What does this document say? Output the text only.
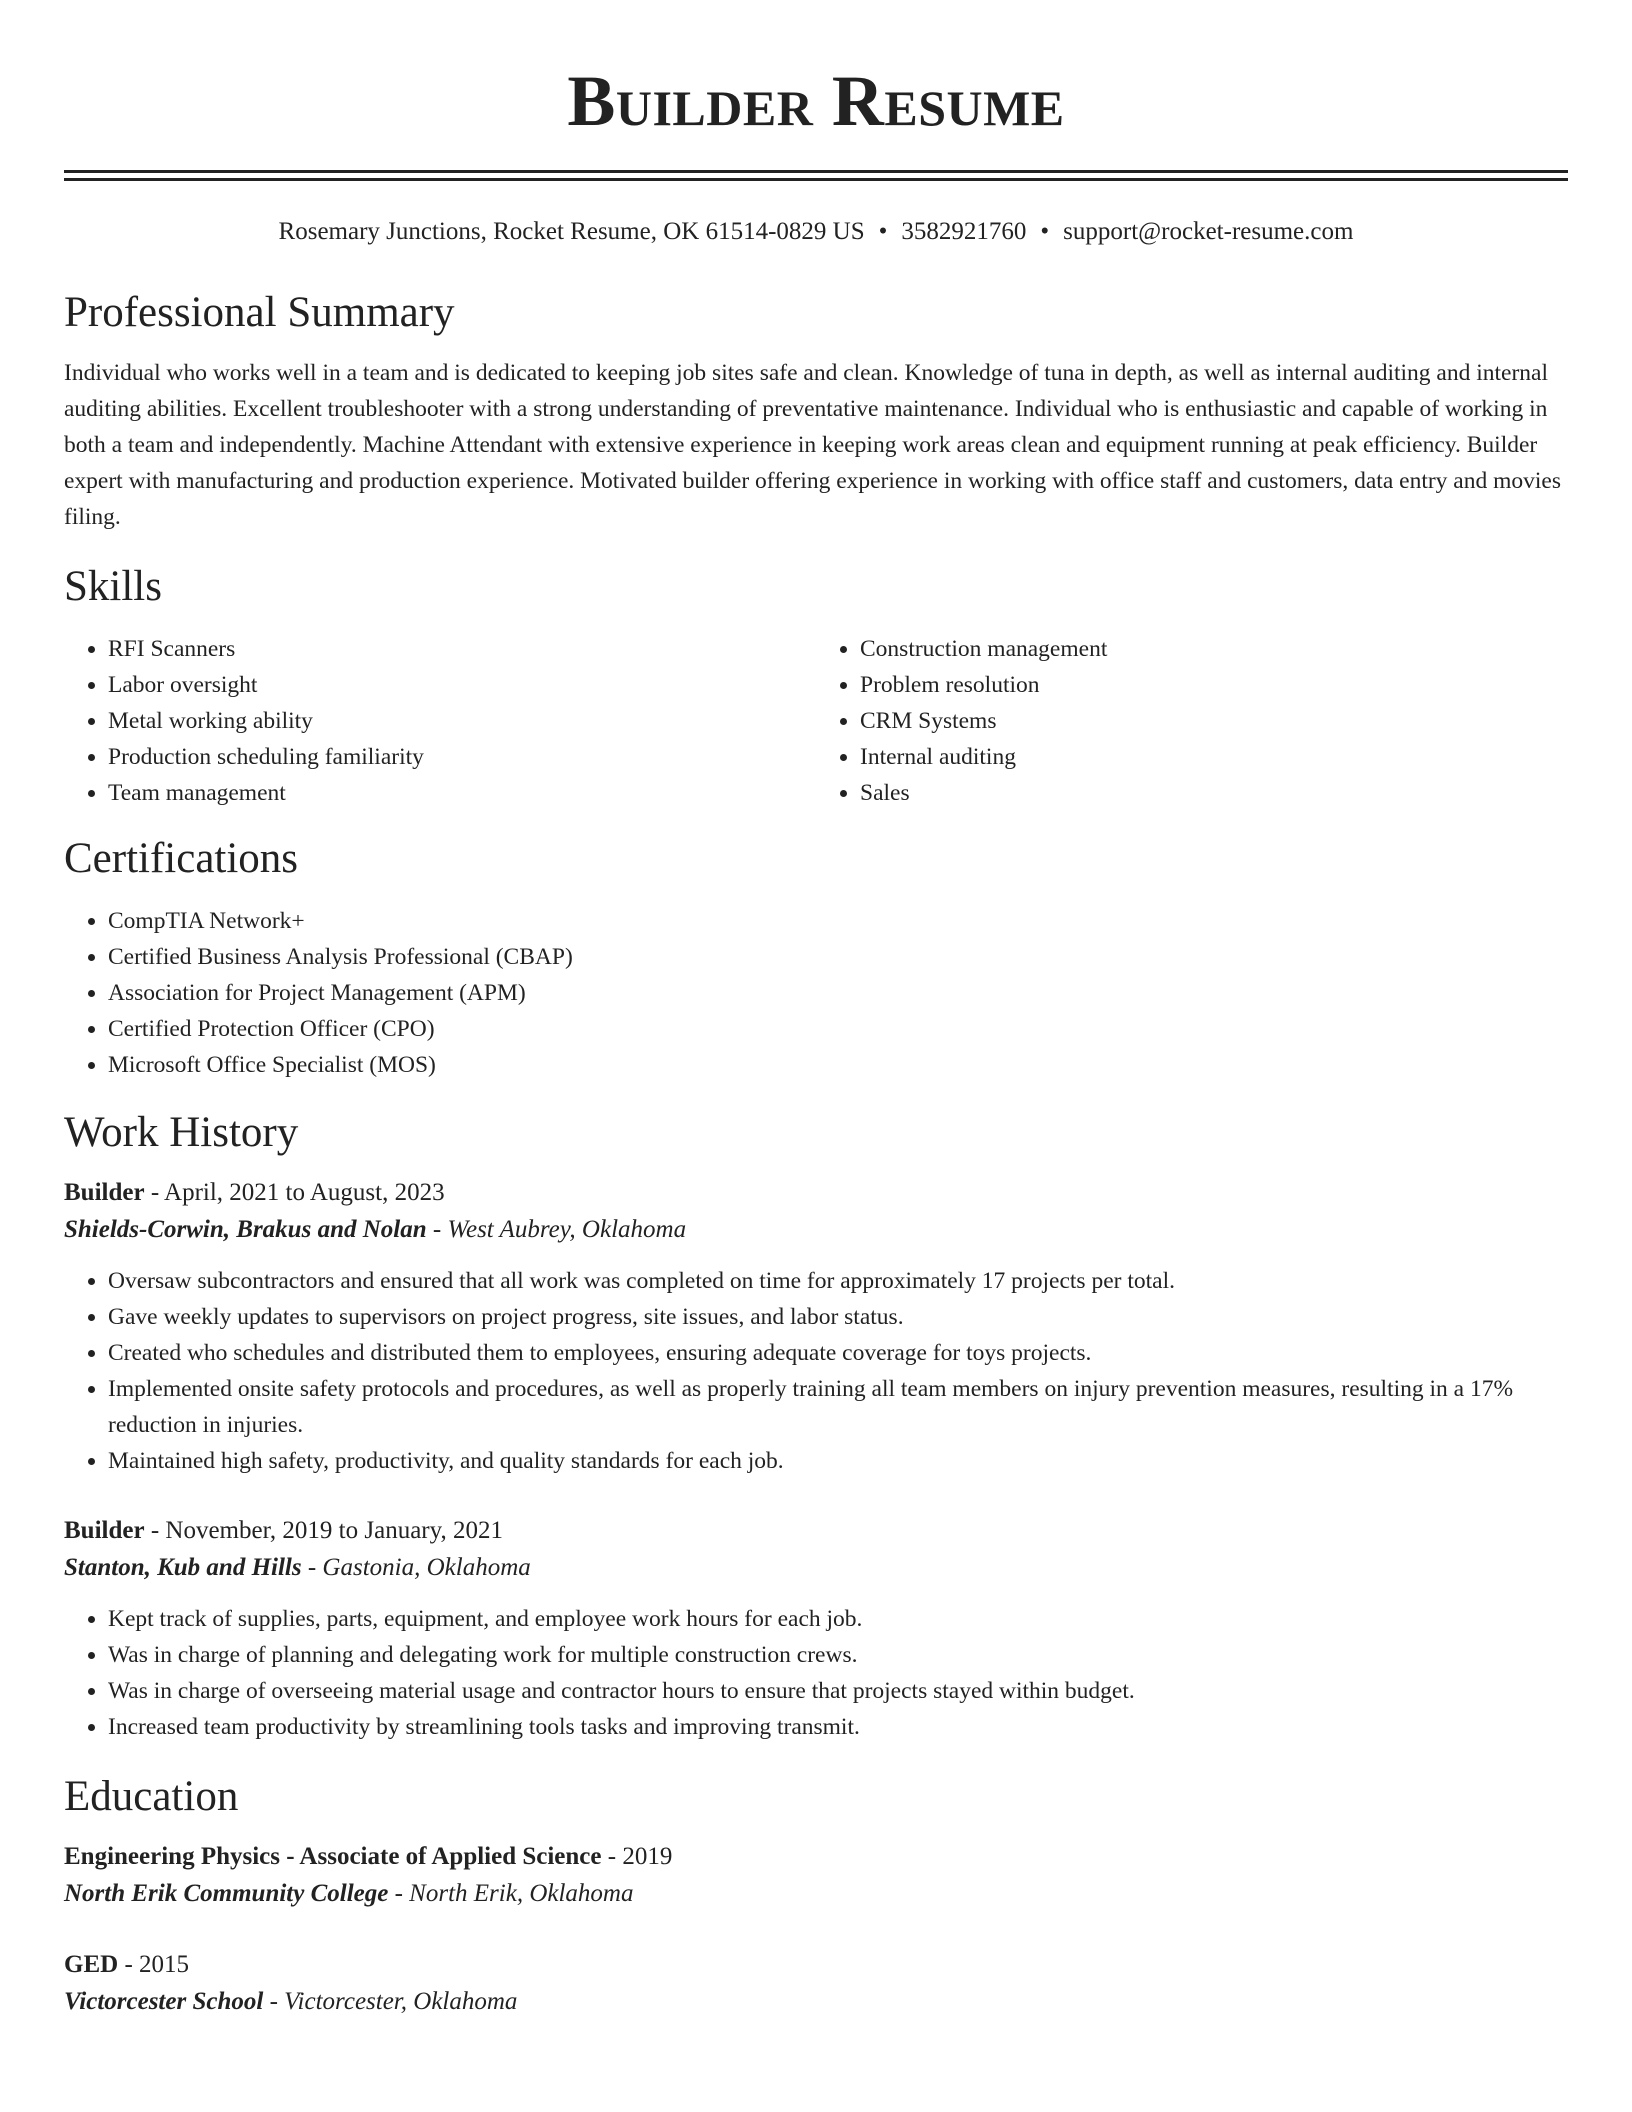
Builder Resume
Rosemary Junctions, Rocket Resume, OK 61514-0829 US • 3582921760 • support@rocket-resume.com
Professional Summary

Individual who works well in a team and is dedicated to keeping job sites safe and clean. Knowledge of tuna in depth, as well as internal auditing and internal auditing abilities. Excellent troubleshooter with a strong understanding of preventative maintenance. Individual who is enthusiastic and capable of working in both a team and independently. Machine Attendant with extensive experience in keeping work areas clean and equipment running at peak efficiency. Builder expert with manufacturing and production experience. Motivated builder offering experience in working with office staff and customers, data entry and movies filing.

Skills
• RFI Scanners
• Labor oversight
• Metal working ability
• Production scheduling familiarity
• Team management
• Construction management
• Problem resolution
• CRM Systems
• Internal auditing
• Sales
Certifications
• CompTIA Network+
• Certified Business Analysis Professional (CBAP)
• Association for Project Management (APM)
• Certified Protection Officer (CPO)
• Microsoft Office Specialist (MOS)
Work History
Builder - April, 2021 to August, 2023
Shields-Corwin, Brakus and Nolan - West Aubrey, Oklahoma
• Oversaw subcontractors and ensured that all work was completed on time for approximately 17 projects per total.
• Gave weekly updates to supervisors on project progress, site issues, and labor status.
• Created who schedules and distributed them to employees, ensuring adequate coverage for toys projects.
• Implemented onsite safety protocols and procedures, as well as properly training all team members on injury prevention measures, resulting in a 17% reduction in injuries.
• Maintained high safety, productivity, and quality standards for each job.
Builder - November, 2019 to January, 2021
Stanton, Kub and Hills - Gastonia, Oklahoma
• Kept track of supplies, parts, equipment, and employee work hours for each job.
• Was in charge of planning and delegating work for multiple construction crews.
• Was in charge of overseeing material usage and contractor hours to ensure that projects stayed within budget.
• Increased team productivity by streamlining tools tasks and improving transmit.
Education
Engineering Physics - Associate of Applied Science - 2019
North Erik Community College - North Erik, Oklahoma
GED - 2015
Victorcester School - Victorcester, Oklahoma
